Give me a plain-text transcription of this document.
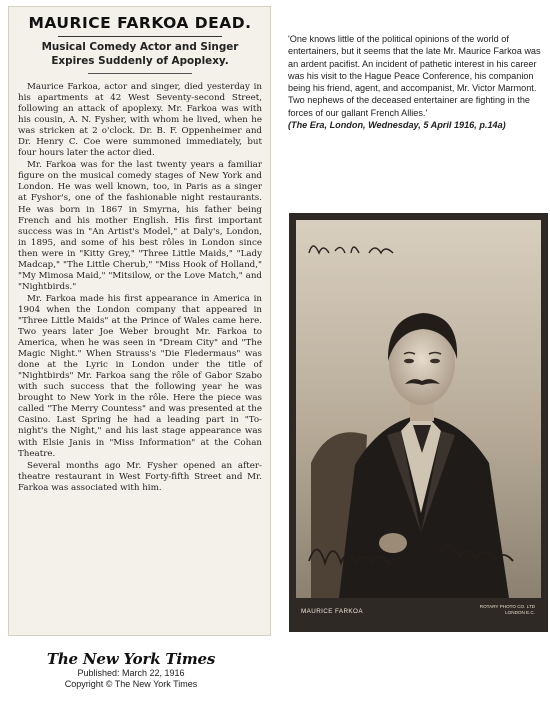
MAURICE FARKOA DEAD.
Musical Comedy Actor and Singer
Expires Suddenly of Apoplexy.

Maurice Farkoa, actor and singer, died yesterday in his apartments at 42 West Seventy-second Street, following an attack of apoplexy. Mr. Farkoa was with his cousin, A. N. Fysher, with whom he lived, when he was stricken at 2 o'clock. Dr. B. F. Oppenheimer and Dr. Henry C. Coe were summoned immediately, but four hours later the actor died.

Mr. Farkoa was for the last twenty years a familiar figure on the musical comedy stages of New York and London. He was well known, too, in Paris as a singer at Fyshor's, one of the fashionable night restaurants. He was born in 1867 in Smyrna, his father being French and his mother English. His first important success was in "An Artist's Model," at Daly's, London, in 1895, and some of his best rôles in London since then were in "Kitty Grey," "Three Little Maids," "Lady Madcap," "The Little Cherub," "Miss Hook of Holland," "My Mimosa Maid," "Mitsilow, or the Love Match," and "Nightbirds."

Mr. Farkoa made his first appearance in America in 1904 when the London company that appeared in "Three Little Maids" at the Prince of Wales came here. Two years later Joe Weber brought Mr. Farkoa to America, when he was seen in "Dream City" and "The Magic Night." When Strauss's "Die Fledermaus" was done at the Lyric in London under the title of "Nightbirds" Mr. Farkoa sang the rôle of Gabor Szabo with such success that the following year he was brought to New York in the rôle. Here the piece was called "The Merry Countess" and was presented at the Casino. Last Spring he had a leading part in "To-night's the Night," and his last stage appearance was with Elsie Janis in "Miss Information" at the Cohan Theatre.

Several months ago Mr. Fysher opened an after-theatre restaurant in West Forty-fifth Street and Mr. Farkoa was associated with him.

'One knows little of the political opinions of the world of entertainers, but it seems that the late Mr. Maurice Farkoa was an ardent pacifist. An incident of pathetic interest in his career was his visit to the Hague Peace Conference, his companion being his friend, agent, and accompanist, Mr. Victor Marmont. Two nephews of the deceased entertainer are fighting in the forces of our gallant French Allies.'
(The Era, London, Wednesday, 5 April 1916, p.14a)
MAURICE FARKOA
ROTARY PHOTO CO. LTD
LONDON E.C.
The New York Times
Published: March 22, 1916
Copyright © The New York Times
